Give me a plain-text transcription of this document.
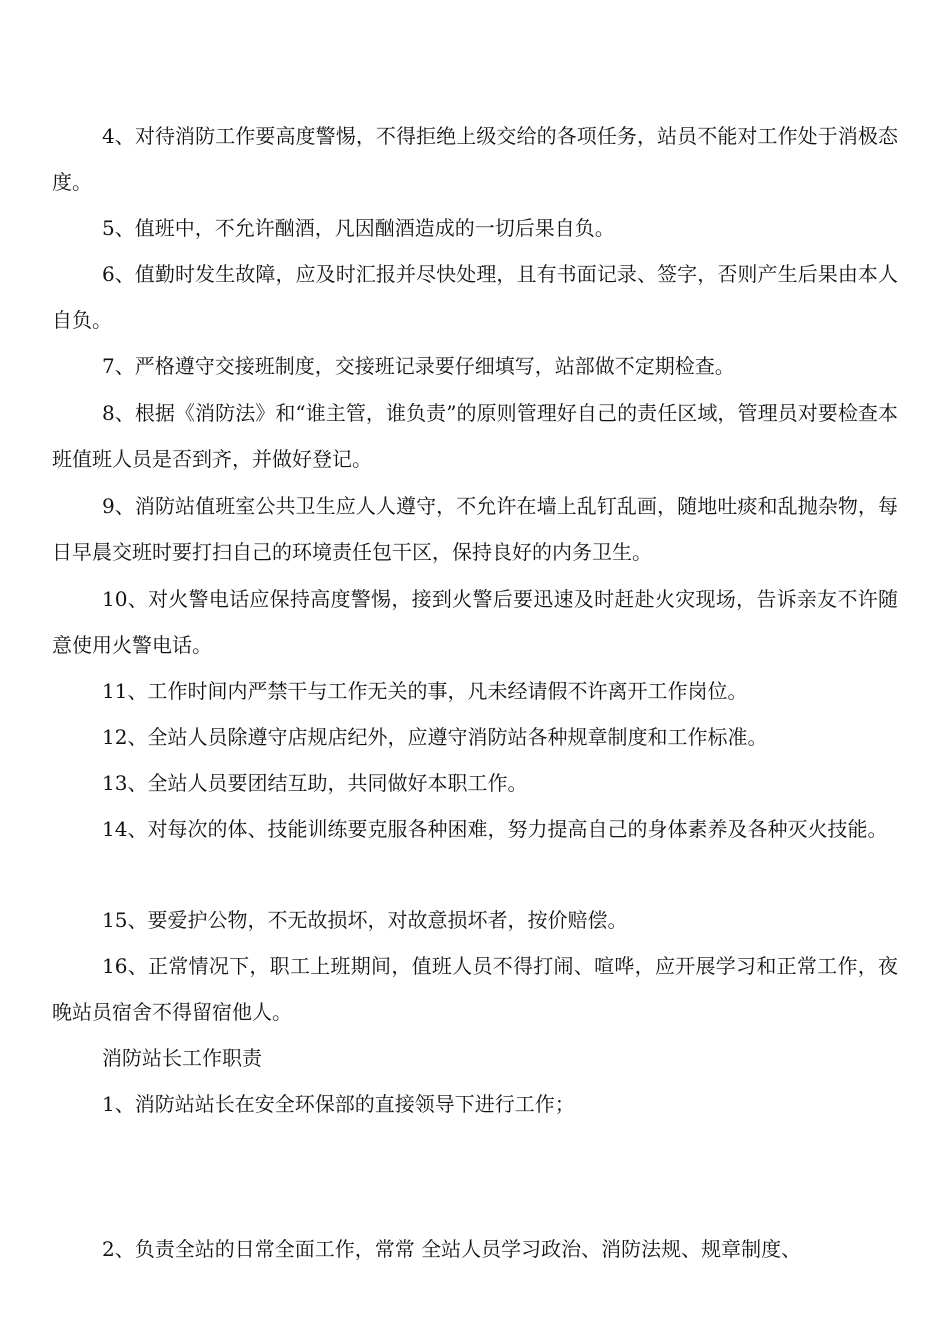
4、对待消防工作要高度警惕，不得拒绝上级交给的各项任务，站员不能对工作处于消极态度。

5、值班中，不允许酗酒，凡因酗酒造成的一切后果自负。

6、值勤时发生故障，应及时汇报并尽快处理，且有书面记录、签字，否则产生后果由本人自负。

7、严格遵守交接班制度，交接班记录要仔细填写，站部做不定期检查。

8、根据《消防法》和“谁主管，谁负责”的原则管理好自己的责任区域，管理员对要检查本班值班人员是否到齐，并做好登记。

9、消防站值班室公共卫生应人人遵守，不允许在墙上乱钉乱画，随地吐痰和乱抛杂物，每日早晨交班时要打扫自己的环境责任包干区，保持良好的内务卫生。

10、对火警电话应保持高度警惕，接到火警后要迅速及时赶赴火灾现场，告诉亲友不许随意使用火警电话。

11、工作时间内严禁干与工作无关的事，凡未经请假不许离开工作岗位。

12、全站人员除遵守店规店纪外，应遵守消防站各种规章制度和工作标准。

13、全站人员要团结互助，共同做好本职工作。

14、对每次的体、技能训练要克服各种困难，努力提高自己的身体素养及各种灭火技能。

15、要爱护公物，不无故损坏，对故意损坏者，按价赔偿。

16、正常情况下，职工上班期间，值班人员不得打闹、喧哗，应开展学习和正常工作，夜晚站员宿舍不得留宿他人。

消防站长工作职责

1、消防站站长在安全环保部的直接领导下进行工作；

2、负责全站的日常全面工作，常常 全站人员学习政治、消防法规、规章制度、
